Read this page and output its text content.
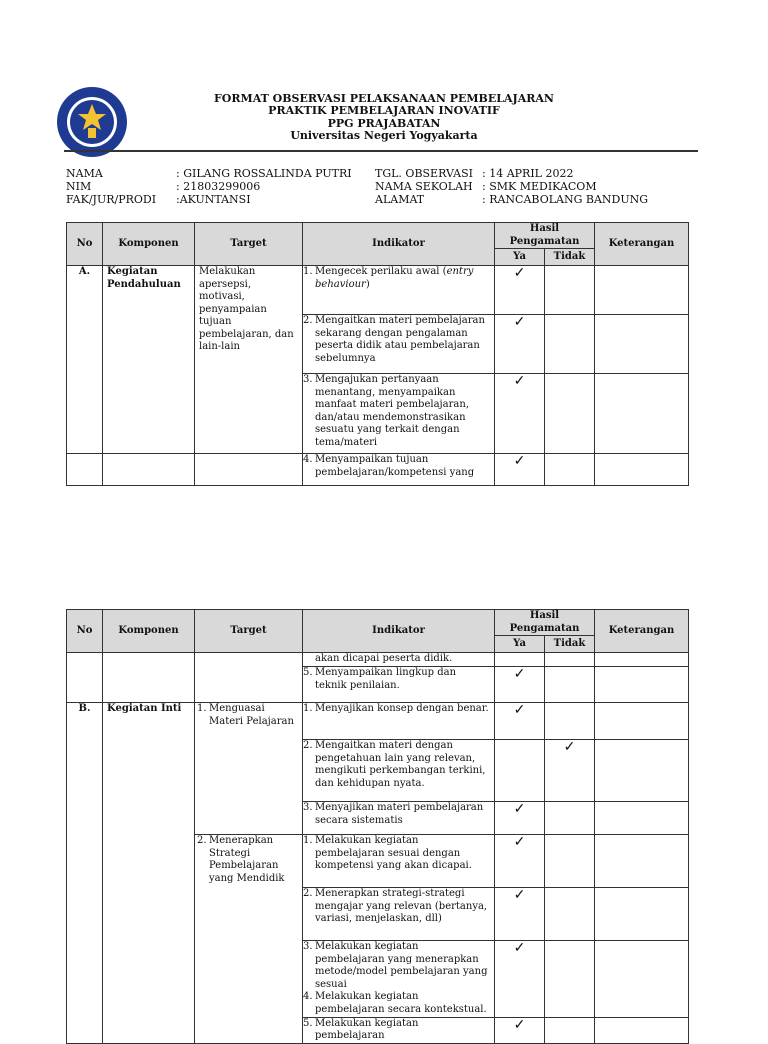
FORMAT OBSERVASI PELAKSANAAN PEMBELAJARAN
PRAKTIK PEMBELAJARAN INOVATIF
PPG PRAJABATAN
Universitas Negeri Yogyakarta
NAMA	: GILANG ROSSALINDA PUTRI
NIM	: 21803299006
FAK/JUR/PRODI :AKUNTANSI
TGL. OBSERVASI : 14 APRIL 2022
NAMA SEKOLAH : SMK MEDIKACOM
ALAMAT	: RANCABOLANG BANDUNG
No	Komponen	Target	Indikator	Hasil Pengamatan		Keterangan
				Ya	Tidak	
A.	Kegiatan Pendahuluan	Melakukan apersepsi, motivasi, penyampaian tujuan pembelajaran, dan lain-lain	1. Mengecek perilaku awal (entry behaviour)	✓		

			2. Mengaitkan materi pembelajaran sekarang dengan pengalaman peserta didik atau pembelajaran sebelumnya	✓		

			3. Mengajukan pertanyaan menantang, menyampaikan manfaat materi pembelajaran, dan/atau mendemonstrasikan sesuatu yang terkait dengan tema/materi	✓		

			4. Menyampaikan tujuan pembelajaran/kompetensi yang	✓		
No	Komponen	Target	Indikator	Hasil Pengamatan		Keterangan
				Ya	Tidak	
			akan dicapai peserta didik.			

			5. Menyampaikan lingkup dan teknik penilaian.	✓		
B.	Kegiatan Inti	1. Menguasai Materi Pelajaran	1. Menyajikan konsep dengan benar.	✓		

			2. Mengaitkan materi dengan pengetahuan lain yang relevan, mengikuti perkembangan terkini, dan kehidupan nyata.		✓	

			3. Menyajikan materi pembelajaran secara sistematis	✓		

		2. Menerapkan Strategi Pembelajaran yang Mendidik	1. Melakukan kegiatan pembelajaran sesuai dengan kompetensi yang akan dicapai.	✓		

			2. Menerapkan strategi-strategi mengajar yang relevan (bertanya, variasi, menjelaskan, dll)	✓		

			3. Melakukan kegiatan pembelajaran yang menerapkan metode/model pembelajaran yang sesuai	✓		

			4. Melakukan kegiatan pembelajaran secara kontekstual.			

			5. Melakukan kegiatan pembelajaran	✓		
